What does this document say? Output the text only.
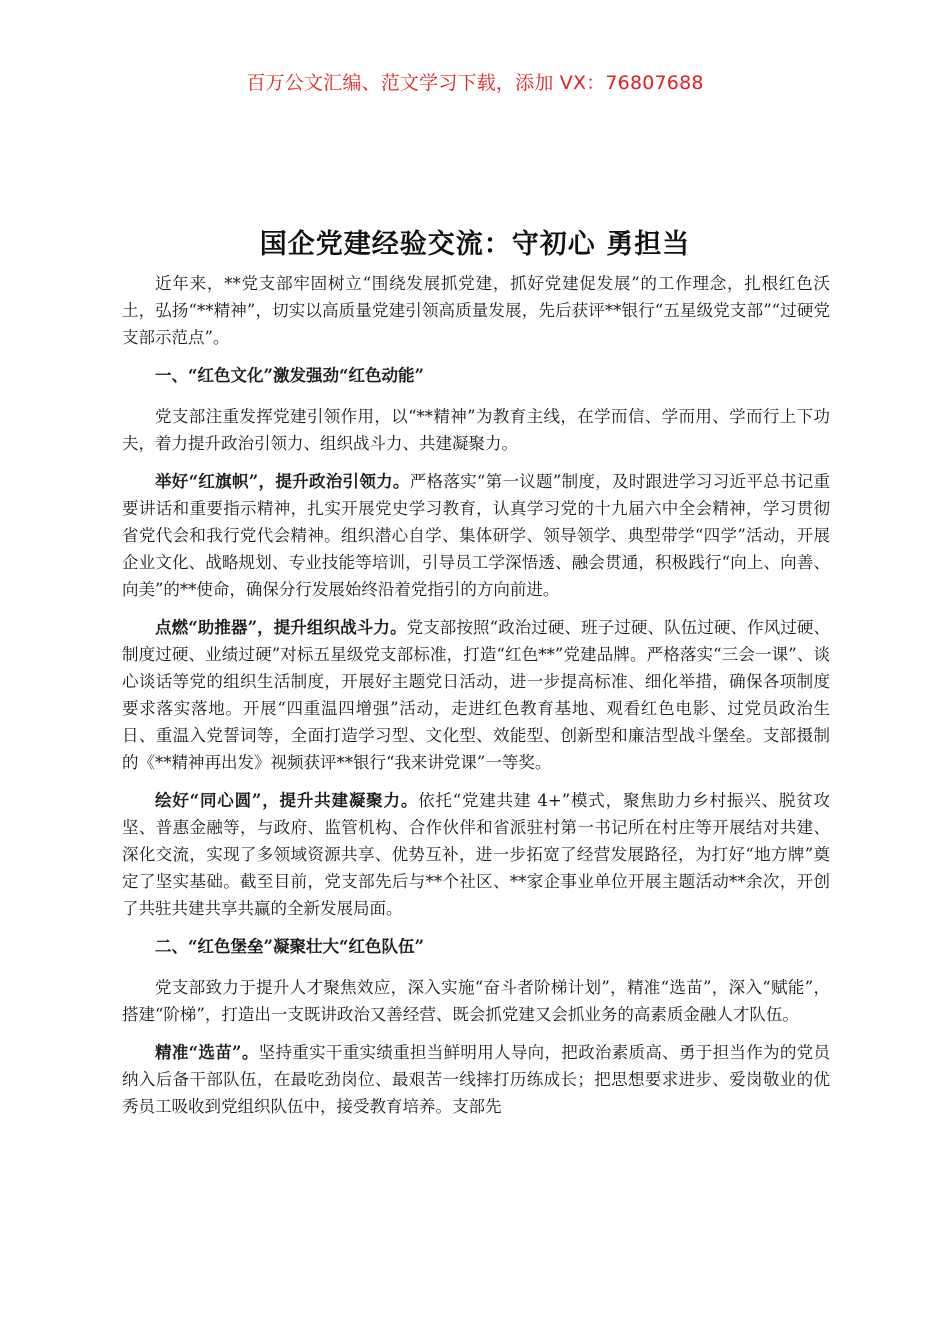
百万公文汇编、范文学习下载，添加 VX：76807688
国企党建经验交流：守初心 勇担当

近年来，**党支部牢固树立“围绕发展抓党建，抓好党建促发展”的工作理念，扎根红色沃土，弘扬“**精神”，切实以高质量党建引领高质量发展，先后获评**银行“五星级党支部”“过硬党支部示范点”。

一、“红色文化”激发强劲“红色动能”

党支部注重发挥党建引领作用，以“**精神”为教育主线，在学而信、学而用、学而行上下功夫，着力提升政治引领力、组织战斗力、共建凝聚力。

举好“红旗帜”，提升政治引领力。严格落实“第一议题”制度，及时跟进学习习近平总书记重要讲话和重要指示精神，扎实开展党史学习教育，认真学习党的十九届六中全会精神，学习贯彻省党代会和我行党代会精神。组织潜心自学、集体研学、领导领学、典型带学“四学”活动，开展企业文化、战略规划、专业技能等培训，引导员工学深悟透、融会贯通，积极践行“向上、向善、向美”的**使命，确保分行发展始终沿着党指引的方向前进。

点燃“助推器”，提升组织战斗力。党支部按照“政治过硬、班子过硬、队伍过硬、作风过硬、制度过硬、业绩过硬”对标五星级党支部标准，打造“红色**”党建品牌。严格落实“三会一课”、谈心谈话等党的组织生活制度，开展好主题党日活动，进一步提高标准、细化举措，确保各项制度要求落实落地。开展“四重温四增强”活动，走进红色教育基地、观看红色电影、过党员政治生日、重温入党誓词等，全面打造学习型、文化型、效能型、创新型和廉洁型战斗堡垒。支部摄制的《**精神再出发》视频获评**银行“我来讲党课”一等奖。

绘好“同心圆”，提升共建凝聚力。依托“党建共建 4+”模式，聚焦助力乡村振兴、脱贫攻坚、普惠金融等，与政府、监管机构、合作伙伴和省派驻村第一书记所在村庄等开展结对共建、深化交流，实现了多领域资源共享、优势互补，进一步拓宽了经营发展路径，为打好“地方牌”奠定了坚实基础。截至目前，党支部先后与**个社区、**家企事业单位开展主题活动**余次，开创了共驻共建共享共赢的全新发展局面。

二、“红色堡垒”凝聚壮大“红色队伍”

党支部致力于提升人才聚焦效应，深入实施“奋斗者阶梯计划”，精准“选苗”，深入“赋能”，搭建“阶梯”，打造出一支既讲政治又善经营、既会抓党建又会抓业务的高素质金融人才队伍。

精准“选苗”。坚持重实干重实绩重担当鲜明用人导向，把政治素质高、勇于担当作为的党员纳入后备干部队伍，在最吃劲岗位、最艰苦一线摔打历练成长；把思想要求进步、爱岗敬业的优秀员工吸收到党组织队伍中，接受教育培养。支部先
